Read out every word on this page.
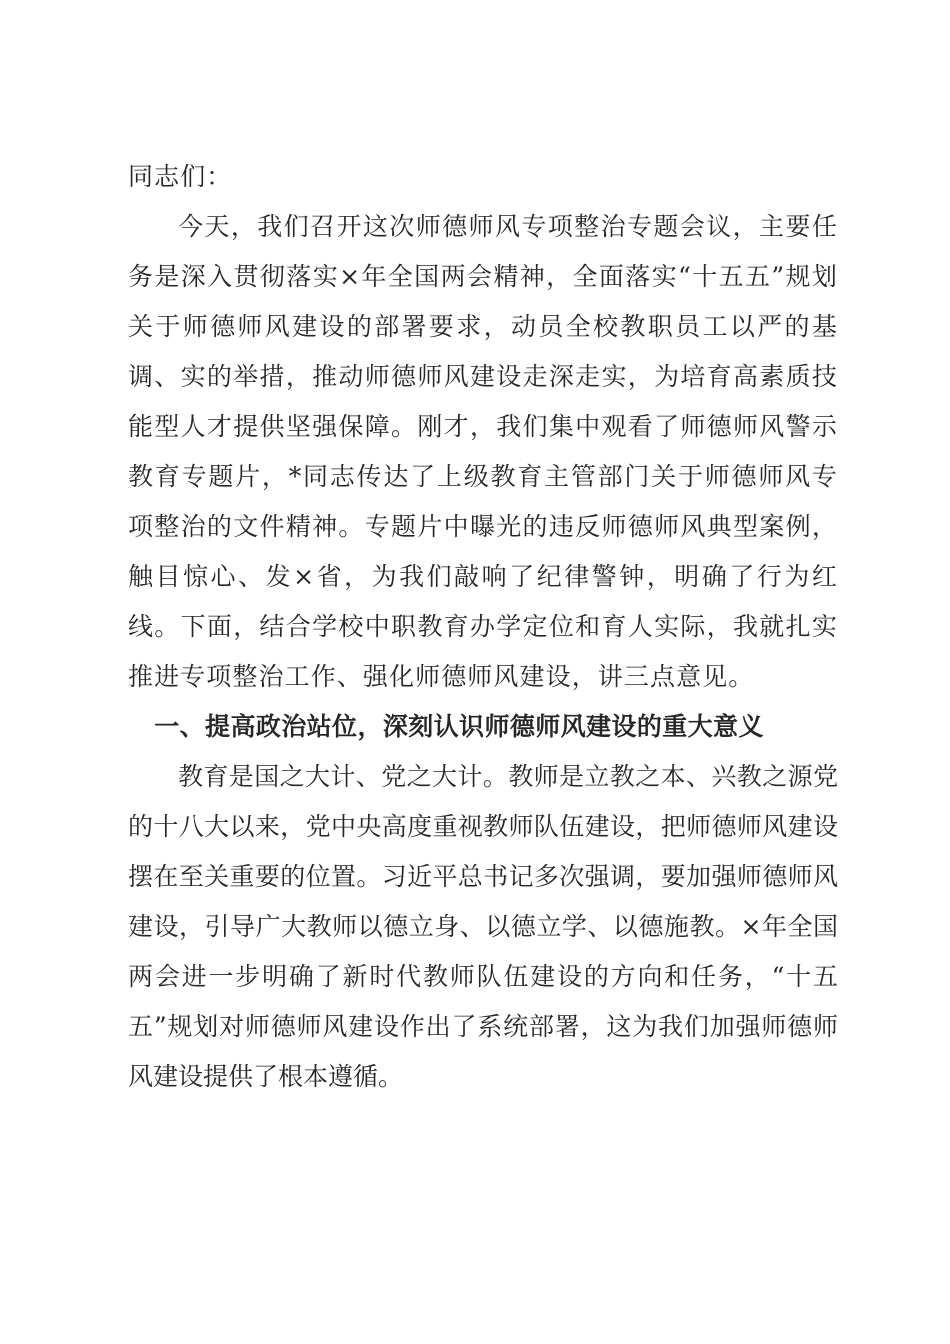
同志们：

今天，我们召开这次师德师风专项整治专题会议，主要任务是深入贯彻落实×年全国两会精神，全面落实“十五五”规划关于师德师风建设的部署要求，动员全校教职员工以严的基调、实的举措，推动师德师风建设走深走实，为培育高素质技能型人才提供坚强保障。刚才，我们集中观看了师德师风警示教育专题片，*同志传达了上级教育主管部门关于师德师风专项整治的文件精神。专题片中曝光的违反师德师风典型案例，触目惊心、发×省，为我们敲响了纪律警钟，明确了行为红线。下面，结合学校中职教育办学定位和育人实际，我就扎实推进专项整治工作、强化师德师风建设，讲三点意见。

一、提高政治站位，深刻认识师德师风建设的重大意义

教育是国之大计、党之大计。教师是立教之本、兴教之源党的十八大以来，党中央高度重视教师队伍建设，把师德师风建设摆在至关重要的位置。习近平总书记多次强调，要加强师德师风建设，引导广大教师以德立身、以德立学、以德施教。×年全国两会进一步明确了新时代教师队伍建设的方向和任务，“十五五”规划对师德师风建设作出了系统部署，这为我们加强师德师风建设提供了根本遵循。
